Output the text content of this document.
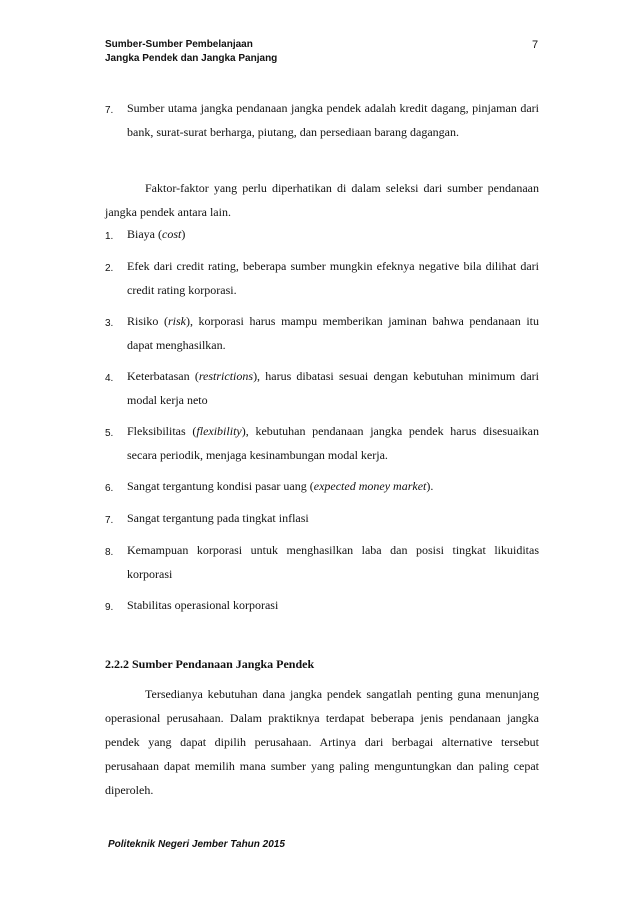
Sumber-Sumber Pembelanjaan
Jangka Pendek dan Jangka Panjang
7
7. Sumber utama jangka pendanaan jangka pendek adalah kredit dagang, pinjaman dari bank, surat-surat berharga, piutang, dan persediaan barang dagangan.
Faktor-faktor yang perlu diperhatikan di dalam seleksi dari sumber pendanaan jangka pendek antara lain.
1. Biaya (cost)
2. Efek dari credit rating, beberapa sumber mungkin efeknya negative bila dilihat dari credit rating korporasi.
3. Risiko (risk), korporasi harus mampu memberikan jaminan bahwa pendanaan itu dapat menghasilkan.
4. Keterbatasan (restrictions), harus dibatasi sesuai dengan kebutuhan minimum dari modal kerja neto
5. Fleksibilitas (flexibility), kebutuhan pendanaan jangka pendek harus disesuaikan secara periodik, menjaga kesinambungan modal kerja.
6. Sangat tergantung kondisi pasar uang (expected money market).
7. Sangat tergantung pada tingkat inflasi
8. Kemampuan korporasi untuk menghasilkan laba dan posisi tingkat likuiditas korporasi
9. Stabilitas operasional korporasi
2.2.2 Sumber Pendanaan Jangka Pendek
Tersedianya kebutuhan dana jangka pendek sangatlah penting guna menunjang operasional perusahaan. Dalam praktiknya terdapat beberapa jenis pendanaan jangka pendek yang dapat dipilih perusahaan. Artinya dari berbagai alternative tersebut perusahaan dapat memilih mana sumber yang paling menguntungkan dan paling cepat diperoleh.
Politeknik Negeri Jember Tahun 2015
